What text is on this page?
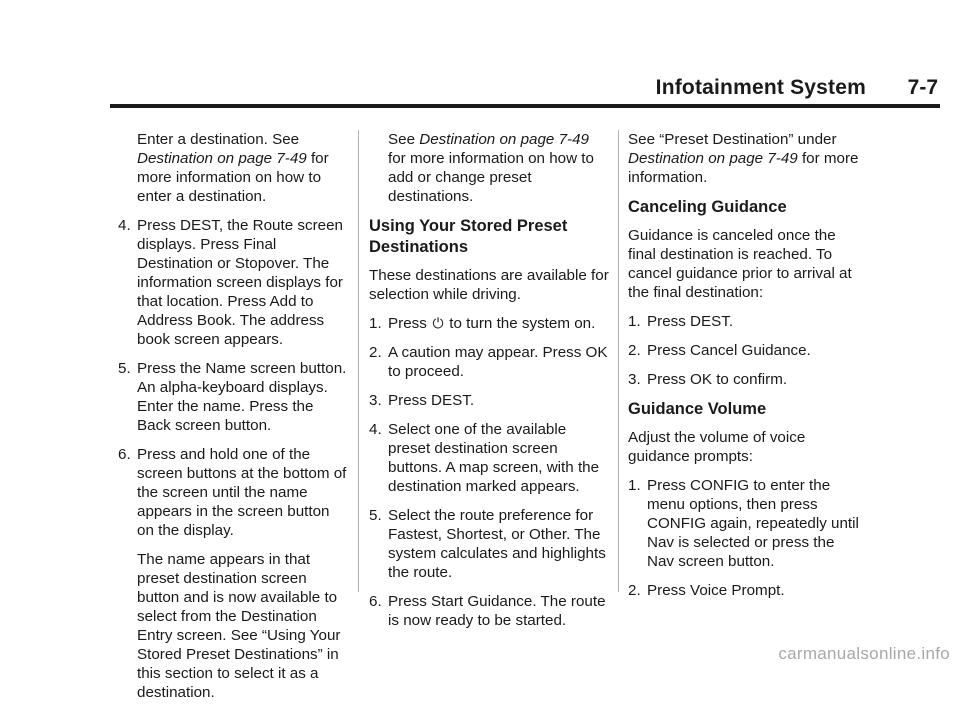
Infotainment System 7-7

Enter a destination. See Destination on page 7-49 for more information on how to enter a destination.

4. Press DEST, the Route screen displays. Press Final Destination or Stopover. The information screen displays for that location. Press Add to Address Book. The address book screen appears.
5. Press the Name screen button. An alpha-keyboard displays. Enter the name. Press the Back screen button.
6. Press and hold one of the screen buttons at the bottom of the screen until the name appears in the screen button on the display.

The name appears in that preset destination screen button and is now available to select from the Destination Entry screen. See “Using Your Stored Preset Destinations” in this section to select it as a destination.

See Destination on page 7-49 for more information on how to add or change preset destinations.

Using Your Stored Preset Destinations

These destinations are available for selection while driving.

1. Press ⏻ to turn the system on.
2. A caution may appear. Press OK to proceed.
3. Press DEST.
4. Select one of the available preset destination screen buttons. A map screen, with the destination marked appears.
5. Select the route preference for Fastest, Shortest, or Other. The system calculates and highlights the route.
6. Press Start Guidance. The route is now ready to be started.

See “Preset Destination” under Destination on page 7-49 for more information.

Canceling Guidance

Guidance is canceled once the final destination is reached. To cancel guidance prior to arrival at the final destination:

1. Press DEST.
2. Press Cancel Guidance.
3. Press OK to confirm.
Guidance Volume

Adjust the volume of voice guidance prompts:

1. Press CONFIG to enter the menu options, then press CONFIG again, repeatedly until Nav is selected or press the Nav screen button.
2. Press Voice Prompt.
carmanualsonline.info
